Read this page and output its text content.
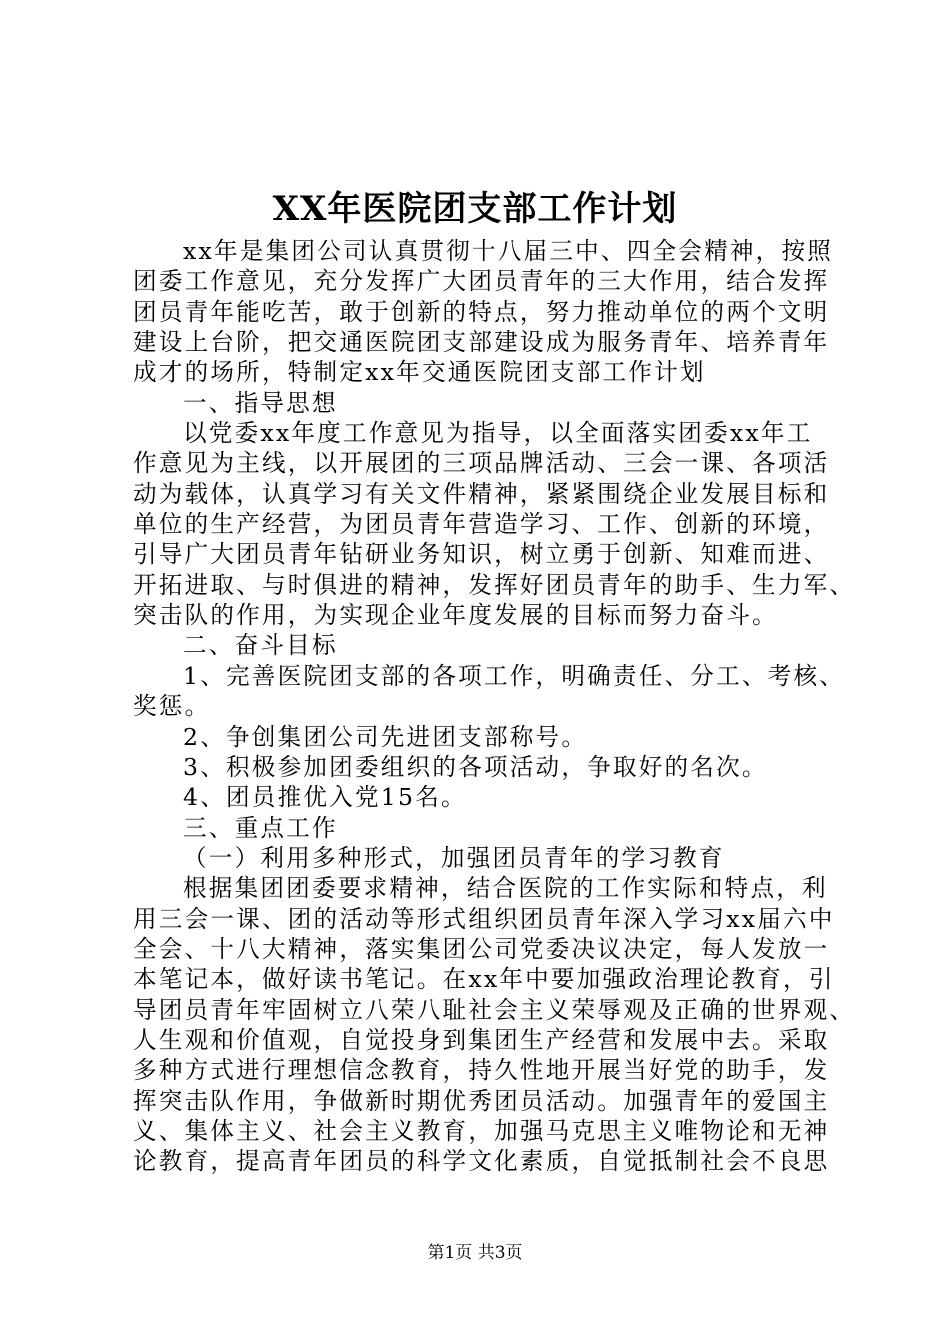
XX年医院团支部工作计划
xx年是集团公司认真贯彻十八届三中、四全会精神，按照
团委工作意见，充分发挥广大团员青年的三大作用，结合发挥
团员青年能吃苦，敢于创新的特点，努力推动单位的两个文明
建设上台阶，把交通医院团支部建设成为服务青年、培养青年
成才的场所，特制定xx年交通医院团支部工作计划
一、指导思想
以党委xx年度工作意见为指导，以全面落实团委xx年工
作意见为主线，以开展团的三项品牌活动、三会一课、各项活
动为载体，认真学习有关文件精神，紧紧围绕企业发展目标和
单位的生产经营，为团员青年营造学习、工作、创新的环境，
引导广大团员青年钻研业务知识，树立勇于创新、知难而进、
开拓进取、与时俱进的精神，发挥好团员青年的助手、生力军、
突击队的作用，为实现企业年度发展的目标而努力奋斗。
二、奋斗目标
1、完善医院团支部的各项工作，明确责任、分工、考核、
奖惩。
2、争创集团公司先进团支部称号。
3、积极参加团委组织的各项活动，争取好的名次。
4、团员推优入党15名。
三、重点工作
（一）利用多种形式，加强团员青年的学习教育
根据集团团委要求精神，结合医院的工作实际和特点，利
用三会一课、团的活动等形式组织团员青年深入学习xx届六中
全会、十八大精神，落实集团公司党委决议决定，每人发放一
本笔记本，做好读书笔记。在xx年中要加强政治理论教育，引
导团员青年牢固树立八荣八耻社会主义荣辱观及正确的世界观、
人生观和价值观，自觉投身到集团生产经营和发展中去。采取
多种方式进行理想信念教育，持久性地开展当好党的助手，发
挥突击队作用，争做新时期优秀团员活动。加强青年的爱国主
义、集体主义、社会主义教育，加强马克思主义唯物论和无神
论教育，提高青年团员的科学文化素质，自觉抵制社会不良思
第1页 共3页
